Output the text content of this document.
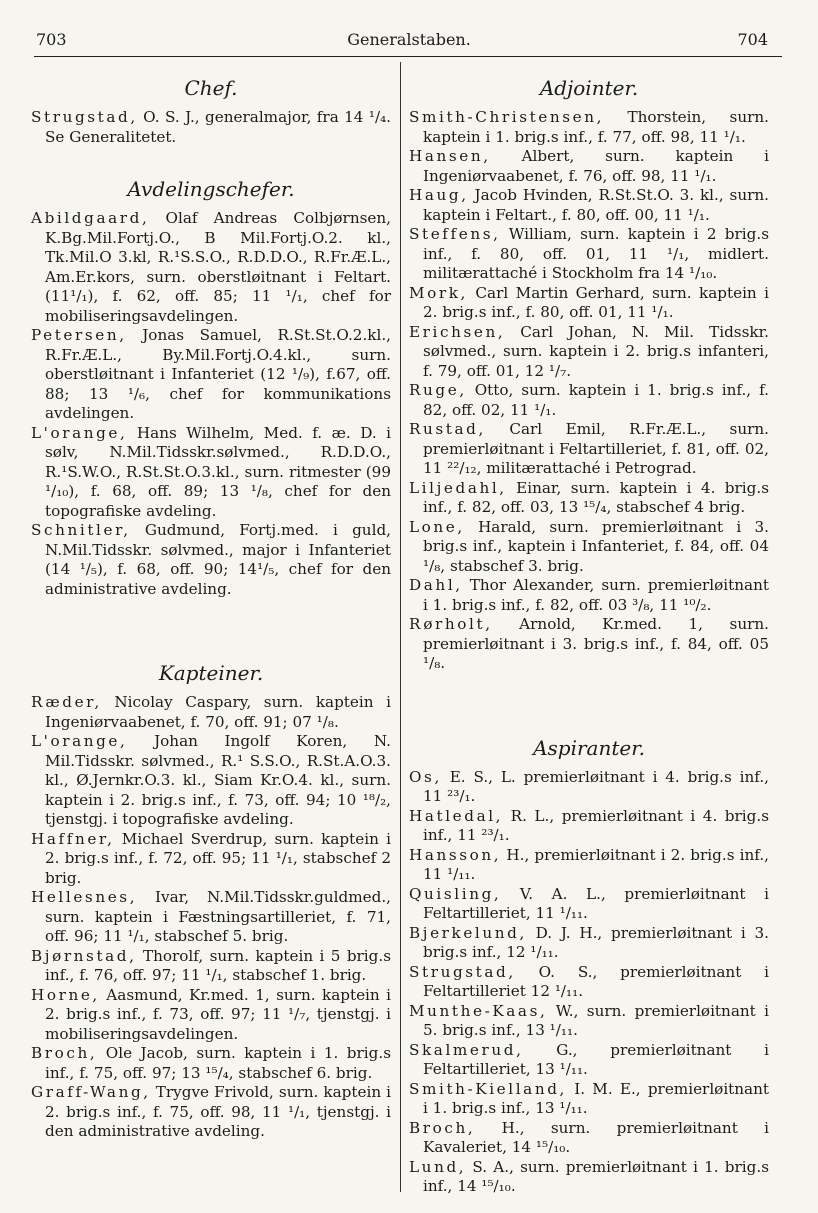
703	Generalstaben.	704
Chef.
Strugstad, O. S. J., generalmajor, fra 14 ¹/₄. Se Generalitetet.
Avdelingschefer.
Abildgaard, Olaf Andreas Colbjørnsen, K.Bg.Mil.Fortj.O., B Mil.Fortj.O.2. kl., Tk.Mil.O 3.kl, R.¹S.S.O., R.D.D.O., R.Fr.Æ.L., Am.Er.kors, surn. oberstløitnant i Feltart.(11¹/₁), f. 62, off. 85; 11 ¹/₁, chef for mobiliseringsavdelingen.
Petersen, Jonas Samuel, R.St.St.O.2.kl., R.Fr.Æ.L., By.Mil.Fortj.O.4.kl., surn. oberstløitnant i Infanteriet (12 ¹/₉), f.67, off. 88; 13 ¹/₆, chef for kommunikations avdelingen.
L'orange, Hans Wilhelm, Med. f. æ. D. i sølv, N.Mil.Tidsskr.sølvmed., R.D.D.O., R.¹S.W.O., R.St.St.O.3.kl., surn. ritmester (99 ¹/₁₀), f. 68, off. 89; 13 ¹/₈, chef for den topografiske avdeling.
Schnitler, Gudmund, Fortj.med. i guld, N.Mil.Tidsskr. sølvmed., major i Infanteriet (14 ¹/₅), f. 68, off. 90; 14¹/₅, chef for den administrative avdeling.
Kapteiner.
Ræder, Nicolay Caspary, surn. kaptein i Ingeniørvaabenet, f. 70, off. 91; 07 ¹/₈.
L'orange, Johan Ingolf Koren, N. Mil.Tidsskr. sølvmed., R.¹ S.S.O., R.St.A.O.3. kl., Ø.Jernkr.O.3. kl., Siam Kr.O.4. kl., surn. kaptein i 2. brig.s inf., f. 73, off. 94; 10 ¹⁸/₂, tjenstgj. i topografiske avdeling.
Haffner, Michael Sverdrup, surn. kaptein i 2. brig.s inf., f. 72, off. 95; 11 ¹/₁, stabschef 2 brig.
Hellesnes, Ivar, N.Mil.Tidsskr.guldmed., surn. kaptein i Fæstningsartilleriet, f. 71, off. 96; 11 ¹/₁, stabschef 5. brig.
Bjørnstad, Thorolf, surn. kaptein i 5 brig.s inf., f. 76, off. 97; 11 ¹/₁, stabschef 1. brig.
Horne, Aasmund, Kr.med. 1, surn. kaptein i 2. brig.s inf., f. 73, off. 97; 11 ¹/₇, tjenstgj. i mobiliseringsavdelingen.
Broch, Ole Jacob, surn. kaptein i 1. brig.s inf., f. 75, off. 97; 13 ¹⁵/₄, stabschef 6. brig.
Graff-Wang, Trygve Frivold, surn. kaptein i 2. brig.s inf., f. 75, off. 98, 11 ¹/₁, tjenstgj. i den administrative avdeling.
Adjointer.
Smith-Christensen, Thorstein, surn. kaptein i 1. brig.s inf., f. 77, off. 98, 11 ¹/₁.
Hansen, Albert, surn. kaptein i Ingeniørvaabenet, f. 76, off. 98, 11 ¹/₁.
Haug, Jacob Hvinden, R.St.St.O. 3. kl., surn. kaptein i Feltart., f. 80, off. 00, 11 ¹/₁.
Steffens, William, surn. kaptein i 2 brig.s inf., f. 80, off. 01, 11 ¹/₁, midlert. militærattaché i Stockholm fra 14 ¹/₁₀.
Mork, Carl Martin Gerhard, surn. kaptein i 2. brig.s inf., f. 80, off. 01, 11 ¹/₁.
Erichsen, Carl Johan, N. Mil. Tidsskr. sølvmed., surn. kaptein i 2. brig.s infanteri, f. 79, off. 01, 12 ¹/₇.
Ruge, Otto, surn. kaptein i 1. brig.s inf., f. 82, off. 02, 11 ¹/₁.
Rustad, Carl Emil, R.Fr.Æ.L., surn. premierløitnant i Feltartilleriet, f. 81, off. 02, 11 ²²/₁₂, militærattaché i Petrograd.
Liljedahl, Einar, surn. kaptein i 4. brig.s inf., f. 82, off. 03, 13 ¹⁵/₄, stabschef 4 brig.
Lone, Harald, surn. premierløitnant i 3. brig.s inf., kaptein i Infanteriet, f. 84, off. 04 ¹/₈, stabschef 3. brig.
Dahl, Thor Alexander, surn. premierløitnant i 1. brig.s inf., f. 82, off. 03 ³/₈, 11 ¹⁰/₂.
Rørholt, Arnold, Kr.med. 1, surn. premierløitnant i 3. brig.s inf., f. 84, off. 05 ¹/₈.
Aspiranter.
Os, E. S., L. premierløitnant i 4. brig.s inf., 11 ²³/₁.
Hatledal, R. L., premierløitnant i 4. brig.s inf., 11 ²³/₁.
Hansson, H., premierløitnant i 2. brig.s inf., 11 ¹/₁₁.
Quisling, V. A. L., premierløitnant i Feltartilleriet, 11 ¹/₁₁.
Bjerkelund, D. J. H., premierløitnant i 3. brig.s inf., 12 ¹/₁₁.
Strugstad, O. S., premierløitnant i Feltartilleriet 12 ¹/₁₁.
Munthe-Kaas, W., surn. premierløitnant i 5. brig.s inf., 13 ¹/₁₁.
Skalmerud, G., premierløitnant i Feltartilleriet, 13 ¹/₁₁.
Smith-Kielland, I. M. E., premierløitnant i 1. brig.s inf., 13 ¹/₁₁.
Broch, H., surn. premierløitnant i Kavaleriet, 14 ¹⁵/₁₀.
Lund, S. A., surn. premierløitnant i 1. brig.s inf., 14 ¹⁵/₁₀.
